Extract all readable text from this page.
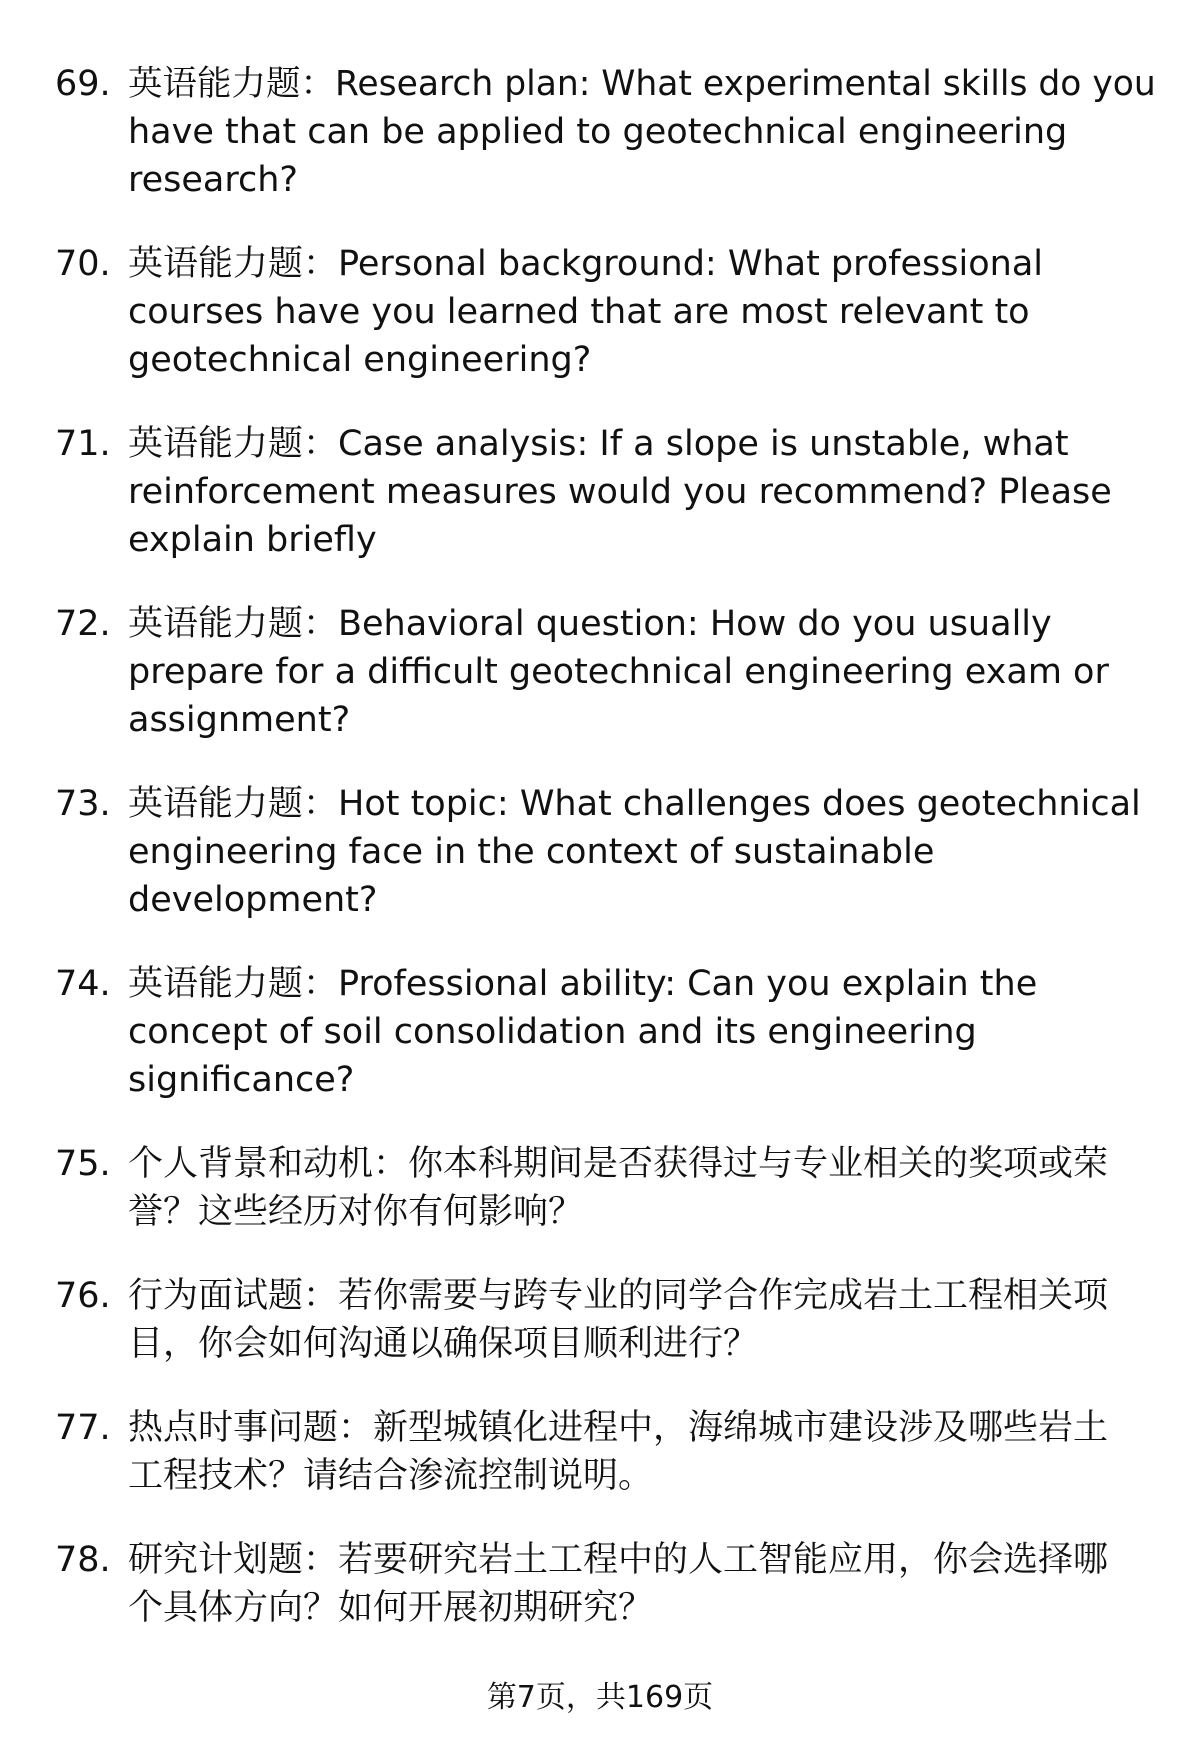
69. 英语能力题：Research plan: What experimental skills do you
have that can be applied to geotechnical engineering
research?
70. 英语能力题：Personal background: What professional
courses have you learned that are most relevant to
geotechnical engineering?
71. 英语能力题：Case analysis: If a slope is unstable, what
reinforcement measures would you recommend? Please
explain briefly
72. 英语能力题：Behavioral question: How do you usually
prepare for a difficult geotechnical engineering exam or
assignment?
73. 英语能力题：Hot topic: What challenges does geotechnical
engineering face in the context of sustainable
development?
74. 英语能力题：Professional ability: Can you explain the
concept of soil consolidation and its engineering
significance?
75. 个人背景和动机：你本科期间是否获得过与专业相关的奖项或荣
誉？这些经历对你有何影响？
76. 行为面试题：若你需要与跨专业的同学合作完成岩土工程相关项
目，你会如何沟通以确保项目顺利进行？
77. 热点时事问题：新型城镇化进程中，海绵城市建设涉及哪些岩土
工程技术？请结合渗流控制说明。
78. 研究计划题：若要研究岩土工程中的人工智能应用，你会选择哪
个具体方向？如何开展初期研究？
第7页，共169页
